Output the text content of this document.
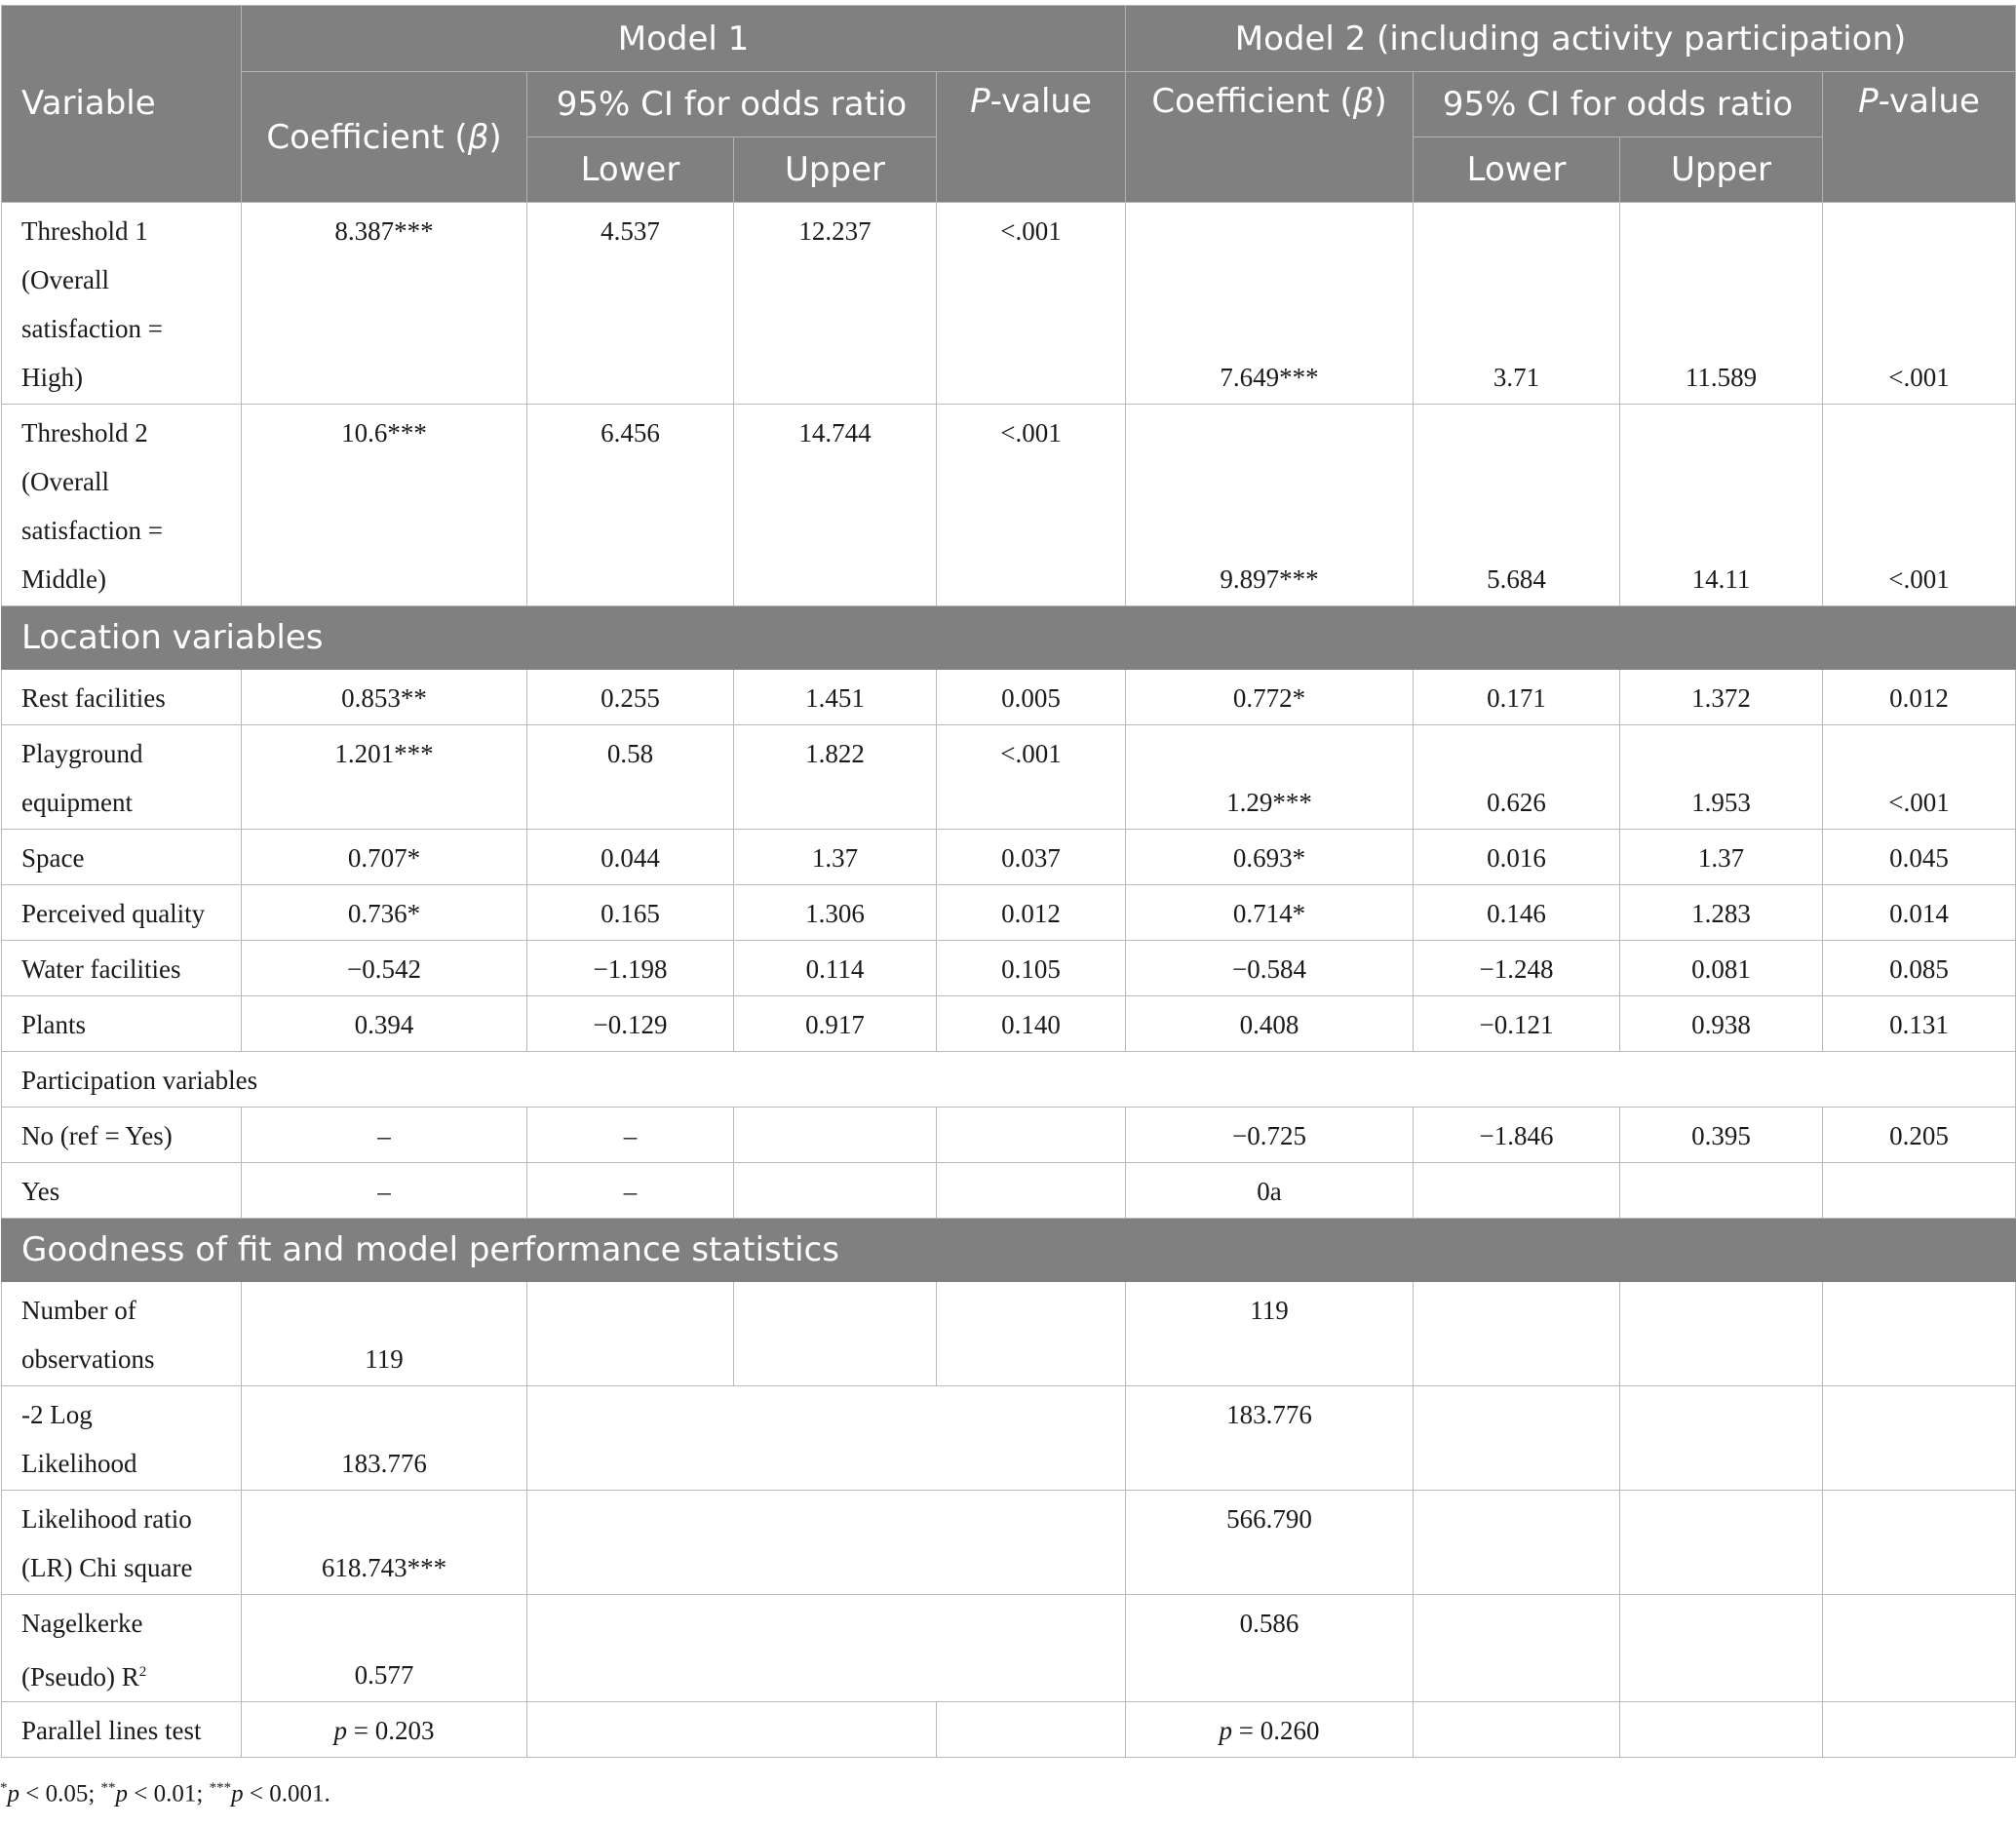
Variable	Model 1				Model 2 (including activity participation)			
	Coefficient (β)	95% CI for odds ratio		P-value	Coefficient (β)	95% CI for odds ratio		P-value
		Lower	Upper			Lower	Upper	

Threshold 1
(Overall
satisfaction =
High)	8.387***	4.537	12.237	<.001	7.649***	3.71	11.589	<.001

Threshold 2
(Overall
satisfaction =
Middle)	10.6***	6.456	14.744	<.001	9.897***	5.684	14.11	<.001
Location variables								
Rest facilities	0.853**	0.255	1.451	0.005	0.772*	0.171	1.372	0.012

Playground
equipment	1.201***	0.58	1.822	<.001	1.29***	0.626	1.953	<.001
Space	0.707*	0.044	1.37	0.037	0.693*	0.016	1.37	0.045
Perceived quality	0.736*	0.165	1.306	0.012	0.714*	0.146	1.283	0.014
Water facilities	−0.542	−1.198	0.114	0.105	−0.584	−1.248	0.081	0.085
Plants	0.394	−0.129	0.917	0.140	0.408	−0.121	0.938	0.131
Participation variables								
No (ref = Yes)	–	–			−0.725	−1.846	0.395	0.205
Yes	–	–			0a			
Goodness of fit and model performance statistics								

Number of
observations	119				119			

-2 Log
Likelihood	183.776				183.776			

Likelihood ratio
(LR) Chi square	618.743***				566.790			

Nagelkerke
(Pseudo) $R^2$	0.577				0.586			
Parallel lines test	p = 0.203				p = 0.260			
*p < 0.05; **p < 0.01; ***p < 0.001.
